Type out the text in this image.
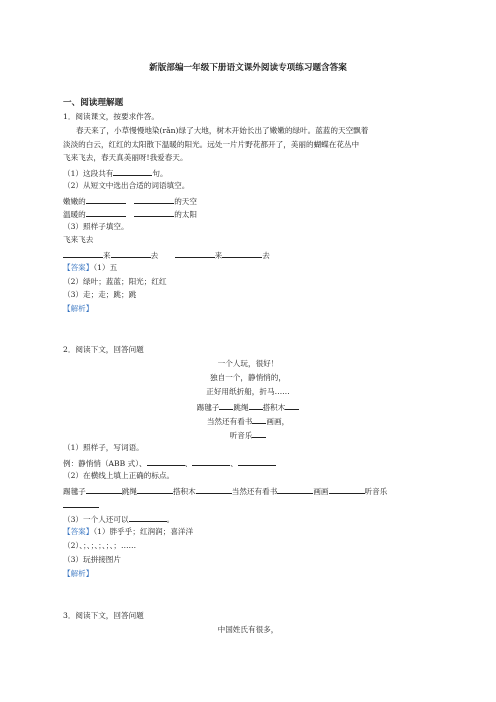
新版部编一年级下册语文课外阅读专项练习题含答案
一、阅读理解题
1．阅读课文，按要求作答。
春天来了，小草慢慢地染(rǎn)绿了大地，树木开始长出了嫩嫩的绿叶。蓝蓝的天空飘着
淡淡的白云，红红的太阳散下温暖的阳光。远处一片片野花都开了，美丽的蝴蝶在花丛中
飞来飞去，春天真美丽呀!我爱春天。
（1）这段共有	句。
（2）从短文中选出合适的词语填空。
嫩嫩的	的天空
温暖的	的太阳
（3）照样子填空。
飞来飞去
来	去	来	去
【答案】（1）五
（2）绿叶；蓝蓝；阳光；红红
（3）走；走；跳；跳
【解析】
2．阅读下文，回答问题
一个人玩，很好！
独自一个，静悄悄的，
正好用纸折船，折马……
踢毽子 跳绳 搭积木
当然还有看书 画画，
听音乐
（1）照样子，写词语。
例：静悄悄（ABB 式）、	、	、
（2）在横线上填上正确的标点。
踢毽子	跳绳	搭积木	当然还有看书	画画	听音乐
（3）一个人还可以	。
【答案】（1）胖乎乎；红润润；喜洋洋
（2）、；、；、；、；、；……
（3）玩拼接图片
【解析】
3．阅读下文，回答问题
中国姓氏有很多，
